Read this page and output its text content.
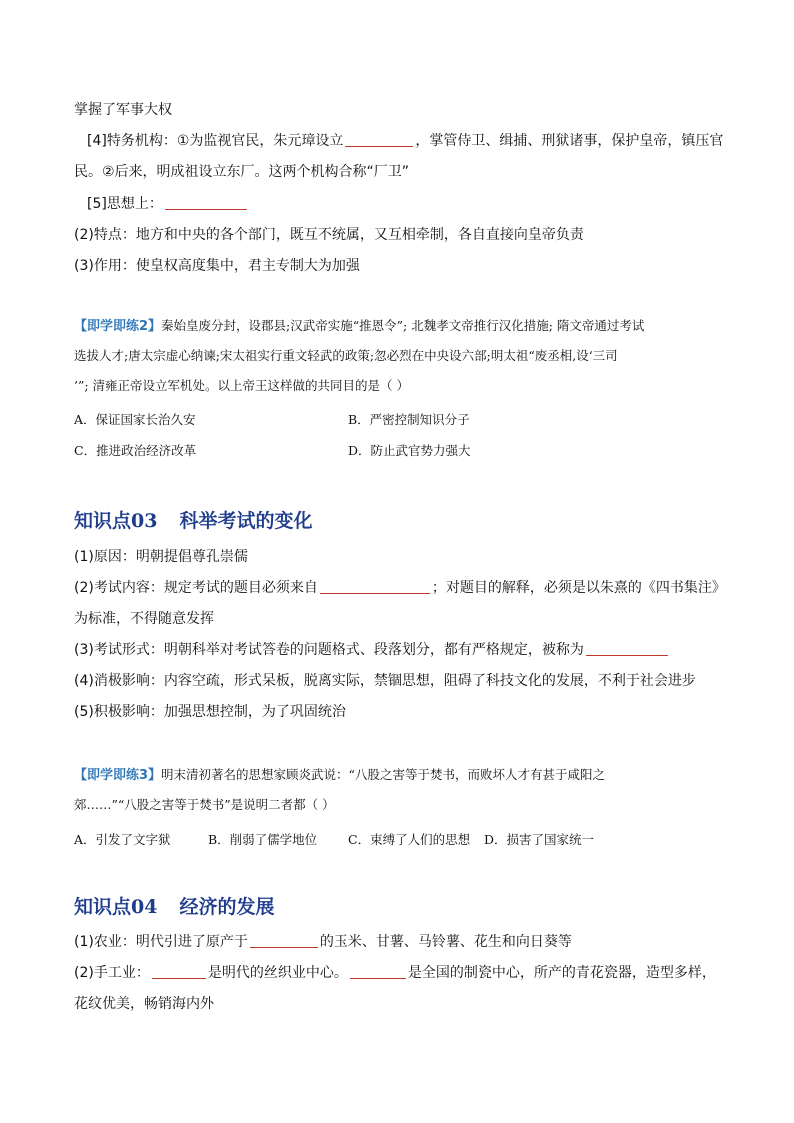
掌握了军事大权
[4]特务机构：①为监视官民，朱元璋设立	，掌管侍卫、缉捕、刑狱诸事，保护皇帝，镇压官
民。②后来，明成祖设立东厂。这两个机构合称“厂卫”
[5]思想上：
(2)特点：地方和中央的各个部门，既互不统属，又互相牵制，各自直接向皇帝负责
(3)作用：使皇权高度集中，君主专制大为加强
【即学即练2】秦始皇废分封，设郡县;汉武帝实施“推恩令”; 北魏孝文帝推行汉化措施; 隋文帝通过考试
选拔人才;唐太宗虚心纳谏;宋太祖实行重文轻武的政策;忽必烈在中央设六部;明太祖“废丞相,设‘三司
’”; 清雍正帝设立军机处。以上帝王这样做的共同目的是（ ）
A．保证国家长治久安	B．严密控制知识分子
C．推进政治经济改革	D．防止武官势力强大
知识点03 科举考试的变化
(1)原因：明朝提倡尊孔崇儒
(2)考试内容：规定考试的题目必须来自	；对题目的解释，必须是以朱熹的《四书集注》
为标准，不得随意发挥
(3)考试形式：明朝科举对考试答卷的问题格式、段落划分，都有严格规定，被称为
(4)消极影响：内容空疏，形式呆板，脱离实际，禁锢思想，阻碍了科技文化的发展，不利于社会进步
(5)积极影响：加强思想控制，为了巩固统治
【即学即练3】明末清初著名的思想家顾炎武说：“八股之害等于焚书，而败坏人才有甚于咸阳之
郊……”“八股之害等于焚书”是说明二者都（ ）
A．引发了文字狱	B．削弱了儒学地位 C．束缚了人们的思想 D．损害了国家统一
知识点04 经济的发展
(1)农业：明代引进了原产于	的玉米、甘薯、马铃薯、花生和向日葵等
(2)手工业：	是明代的丝织业中心。	是全国的制瓷中心，所产的青花瓷器，造型多样，
花纹优美，畅销海内外
